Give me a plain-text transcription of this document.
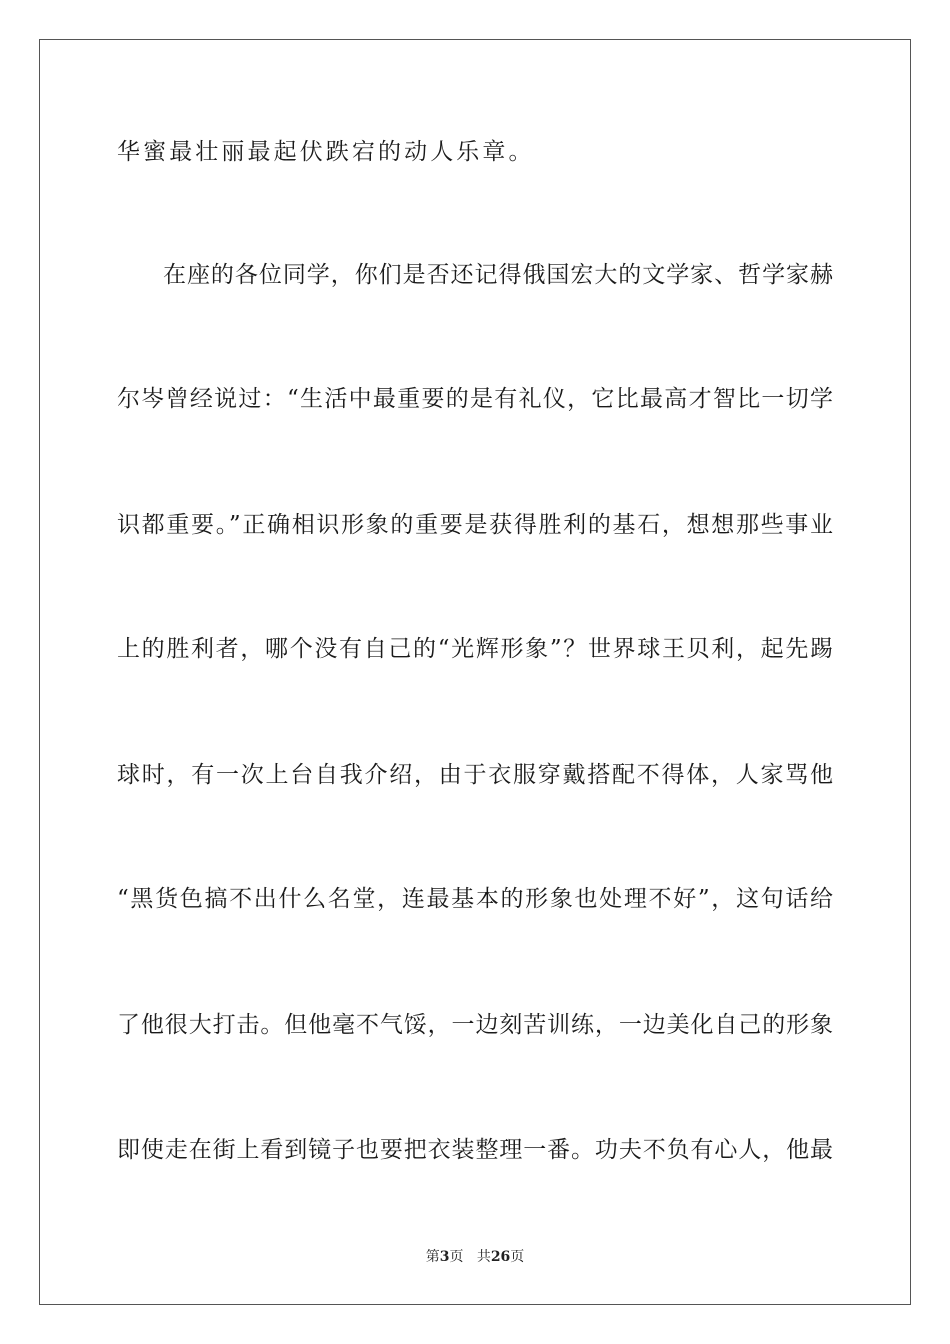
华蜜最壮丽最起伏跌宕的动人乐章。
在座的各位同学，你们是否还记得俄国宏大的文学家、哲学家赫
尔岑曾经说过：“生活中最重要的是有礼仪，它比最高才智比一切学
识都重要。”正确相识形象的重要是获得胜利的基石，想想那些事业
上的胜利者，哪个没有自己的“光辉形象”？世界球王贝利，起先踢
球时，有一次上台自我介绍，由于衣服穿戴搭配不得体，人家骂他
“黑货色搞不出什么名堂，连最基本的形象也处理不好”，这句话给
了他很大打击。但他毫不气馁，一边刻苦训练，一边美化自己的形象
即使走在街上看到镜子也要把衣装整理一番。功夫不负有心人，他最
第3页 共26页
